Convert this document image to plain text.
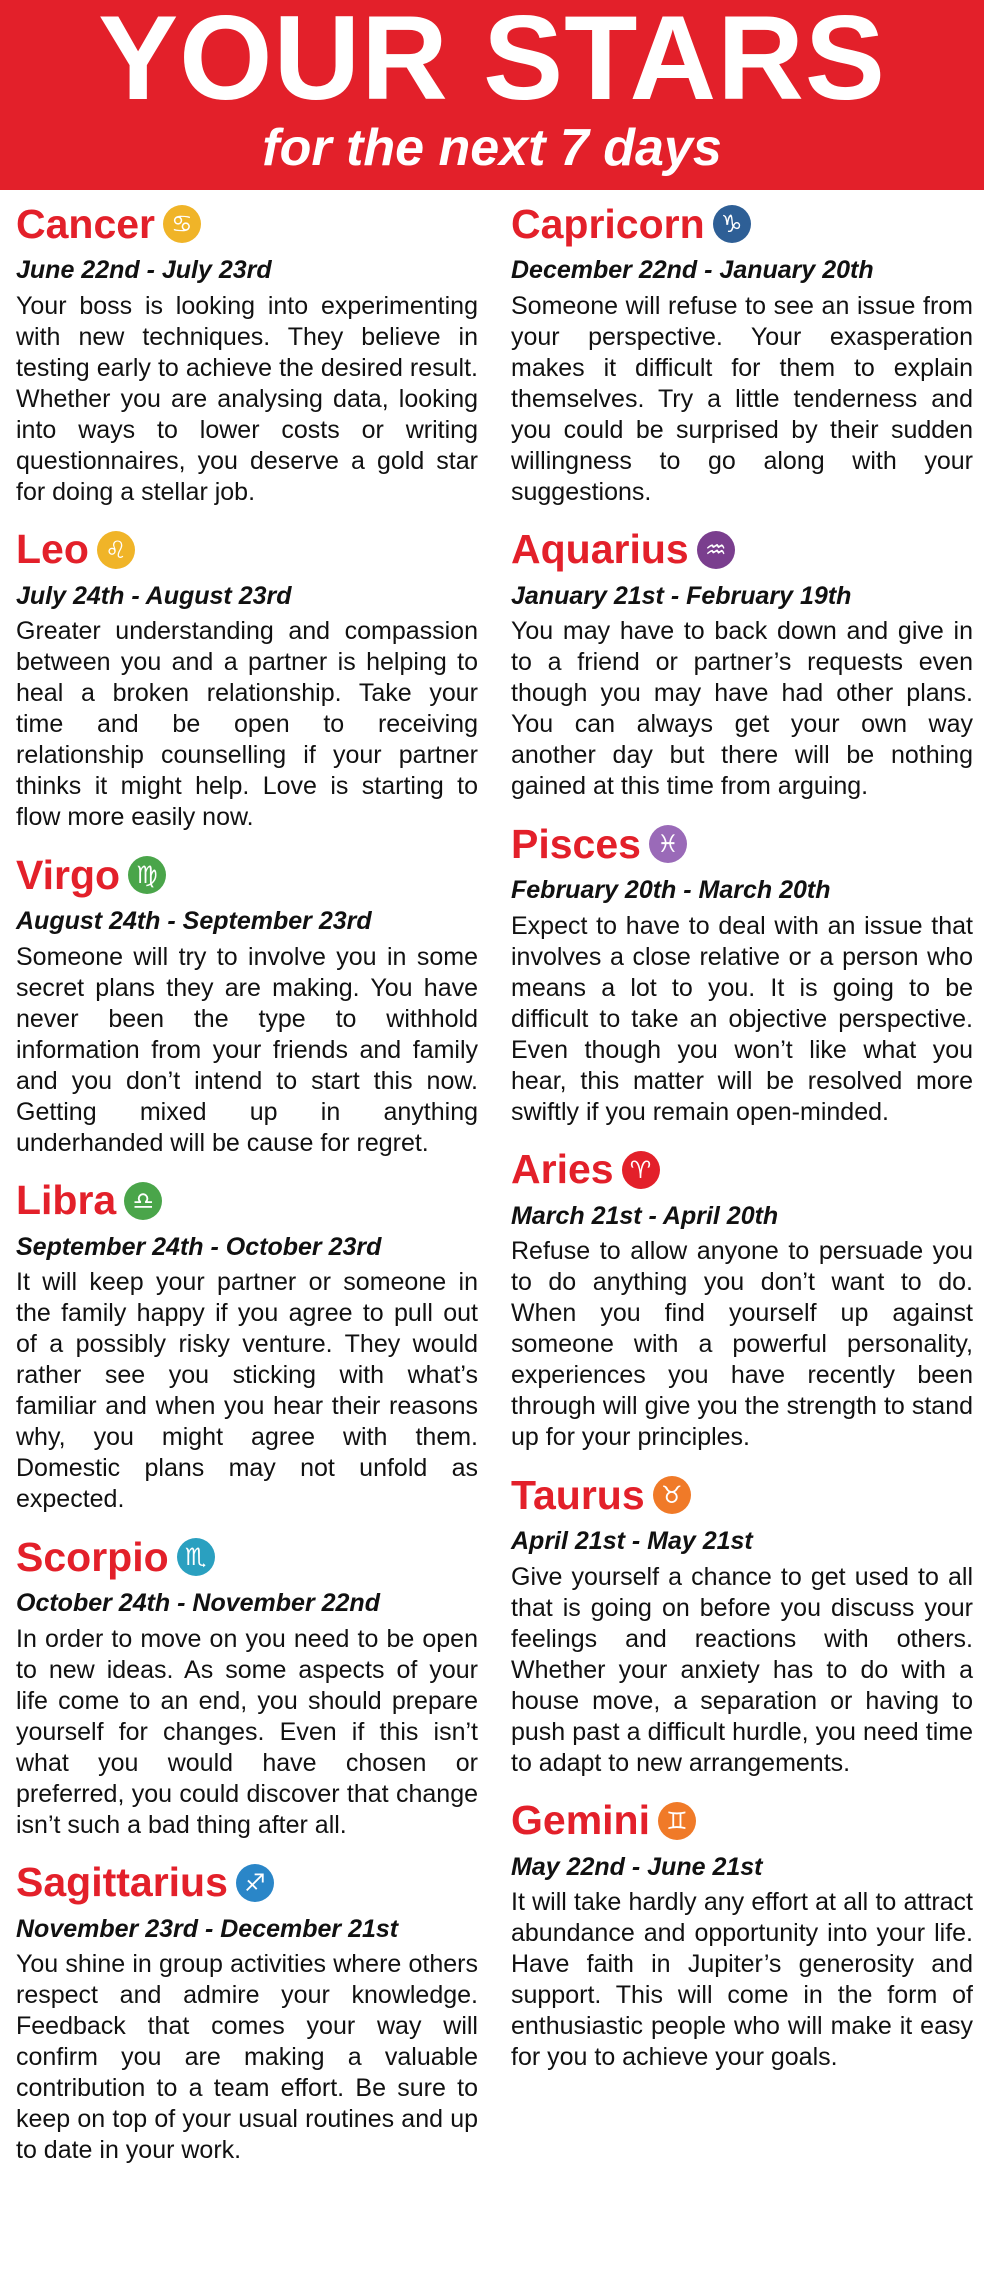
YOUR STARS
for the next 7 days
Cancer ♋
June 22nd - July 23rd
Your boss is looking into experimenting with new techniques. They believe in testing early to achieve the desired result. Whether you are analysing data, looking into ways to lower costs or writing questionnaires, you deserve a gold star for doing a stellar job.
Leo ♌
July 24th - August 23rd
Greater understanding and compassion between you and a partner is helping to heal a broken relationship. Take your time and be open to receiving relationship counselling if your partner thinks it might help. Love is starting to flow more easily now.
Virgo ♍
August 24th - September 23rd
Someone will try to involve you in some secret plans they are making. You have never been the type to withhold information from your friends and family and you don’t intend to start this now. Getting mixed up in anything underhanded will be cause for regret.
Libra ♎
September 24th - October 23rd
It will keep your partner or someone in the family happy if you agree to pull out of a possibly risky venture. They would rather see you sticking with what’s familiar and when you hear their reasons why, you might agree with them. Domestic plans may not unfold as expected.
Scorpio ♏
October 24th - November 22nd
In order to move on you need to be open to new ideas. As some aspects of your life come to an end, you should prepare yourself for changes. Even if this isn’t what you would have chosen or preferred, you could discover that change isn’t such a bad thing after all.
Sagittarius ♐
November 23rd - December 21st
You shine in group activities where others respect and admire your knowledge. Feedback that comes your way will confirm you are making a valuable contribution to a team effort. Be sure to keep on top of your usual routines and up to date in your work.
Capricorn ♑
December 22nd - January 20th
Someone will refuse to see an issue from your perspective. Your exasperation makes it difficult for them to explain themselves. Try a little tenderness and you could be surprised by their sudden willingness to go along with your suggestions.
Aquarius ♒
January 21st - February 19th
You may have to back down and give in to a friend or partner’s requests even though you may have had other plans. You can always get your own way another day but there will be nothing gained at this time from arguing.
Pisces ♓
February 20th - March 20th
Expect to have to deal with an issue that involves a close relative or a person who means a lot to you. It is going to be difficult to take an objective perspective. Even though you won’t like what you hear, this matter will be resolved more swiftly if you remain open-minded.
Aries ♈
March 21st - April 20th
Refuse to allow anyone to persuade you to do anything you don’t want to do. When you find yourself up against someone with a powerful personality, experiences you have recently been through will give you the strength to stand up for your principles.
Taurus ♉
April 21st - May 21st
Give yourself a chance to get used to all that is going on before you discuss your feelings and reactions with others. Whether your anxiety has to do with a house move, a separation or having to push past a difficult hurdle, you need time to adapt to new arrangements.
Gemini ♊
May 22nd - June 21st
It will take hardly any effort at all to attract abundance and opportunity into your life. Have faith in Jupiter’s generosity and support. This will come in the form of enthusiastic people who will make it easy for you to achieve your goals.
